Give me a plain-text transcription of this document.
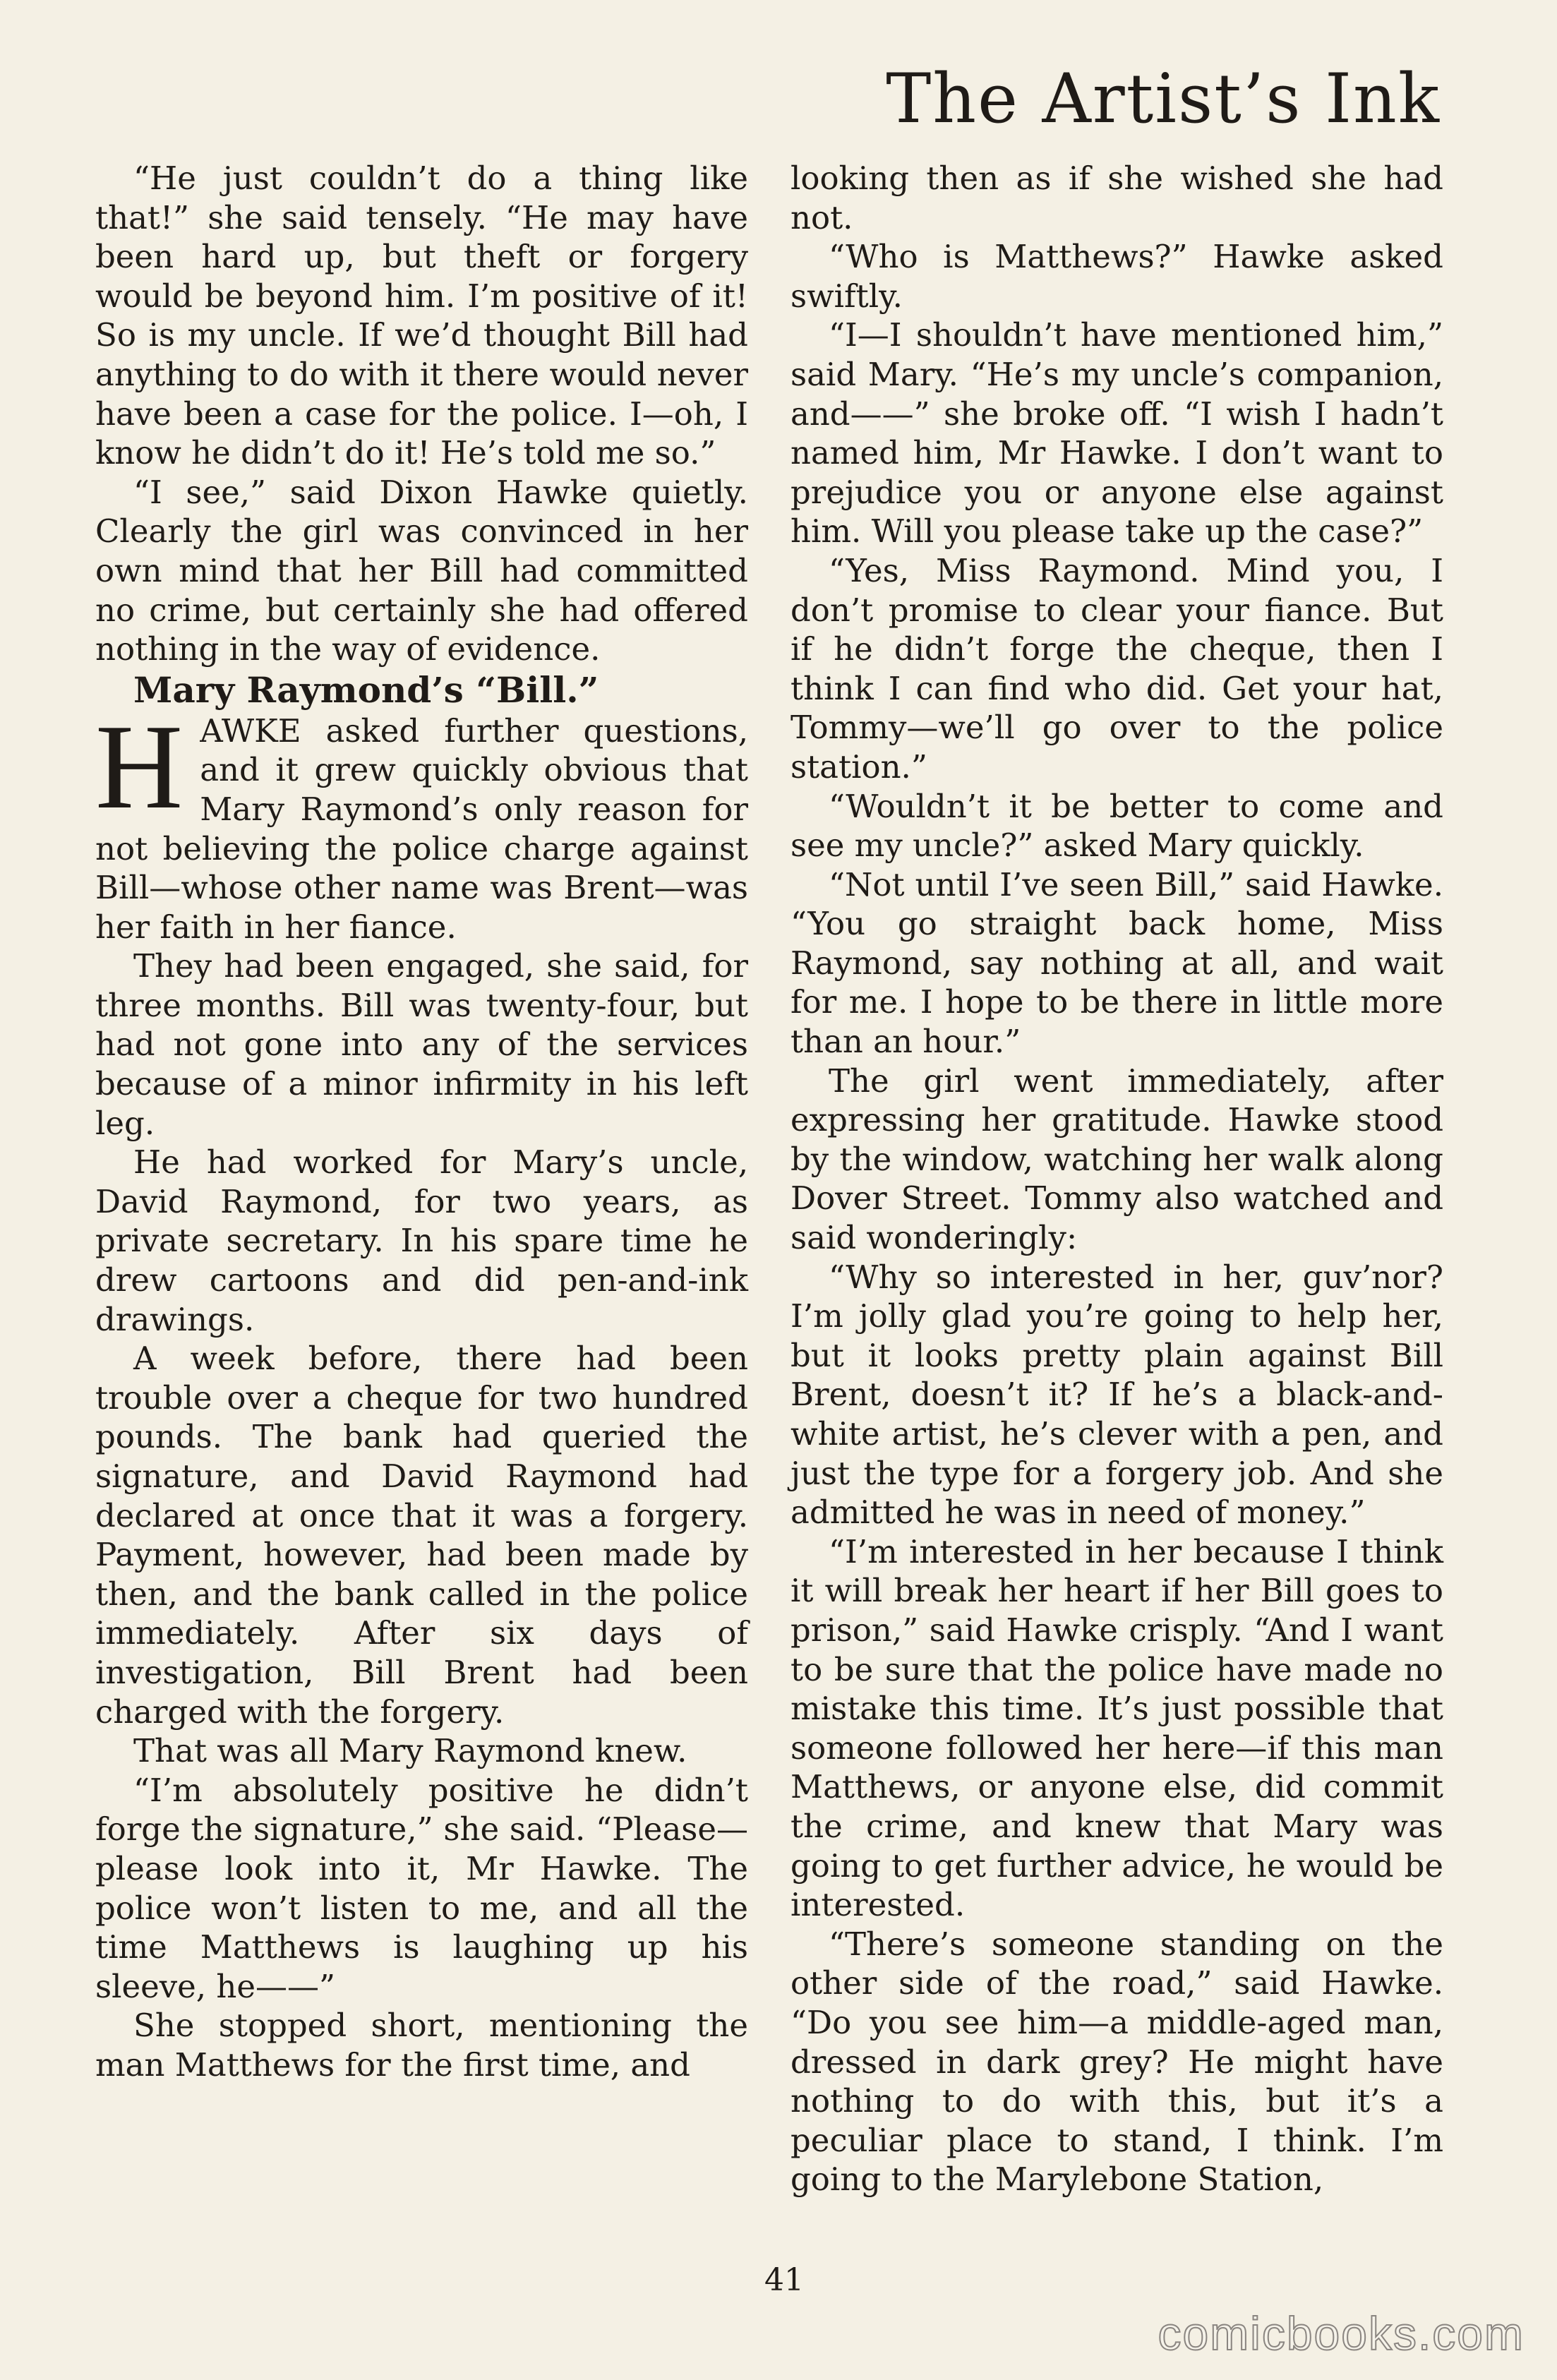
The Artist’s Ink

“He just couldn’t do a thing like that!” she said tensely. “He may have been hard up, but theft or forgery would be beyond him. I’m positive of it! So is my uncle. If we’d thought Bill had anything to do with it there would never have been a case for the police. I—oh, I know he didn’t do it! He’s told me so.”

“I see,” said Dixon Hawke quietly. Clearly the girl was convinced in her own mind that her Bill had committed no crime, but certainly she had offered nothing in the way of evidence.

Mary Raymond’s “Bill.”

HAWKE asked further questions, and it grew quickly obvious that Mary Raymond’s only reason for not believing the police charge against Bill—whose other name was Brent—was her faith in her fiance.

They had been engaged, she said, for three months. Bill was twenty-four, but had not gone into any of the services because of a minor infirmity in his left leg.

He had worked for Mary’s uncle, David Raymond, for two years, as private secretary. In his spare time he drew cartoons and did pen-and-ink drawings.

A week before, there had been trouble over a cheque for two hundred pounds. The bank had queried the signature, and David Raymond had declared at once that it was a forgery. Payment, however, had been made by then, and the bank called in the police immediately. After six days of investigation, Bill Brent had been charged with the forgery.

That was all Mary Raymond knew.

“I’m absolutely positive he didn’t forge the signature,” she said. “Please—please look into it, Mr Hawke. The police won’t listen to me, and all the time Matthews is laughing up his sleeve, he——”

She stopped short, mentioning the man Matthews for the first time, and

looking then as if she wished she had not.

“Who is Matthews?” Hawke asked swiftly.

“I—I shouldn’t have mentioned him,” said Mary. “He’s my uncle’s companion, and——” she broke off. “I wish I hadn’t named him, Mr Hawke. I don’t want to prejudice you or anyone else against him. Will you please take up the case?”

“Yes, Miss Raymond. Mind you, I don’t promise to clear your fiance. But if he didn’t forge the cheque, then I think I can find who did. Get your hat, Tommy—we’ll go over to the police station.”

“Wouldn’t it be better to come and see my uncle?” asked Mary quickly.

“Not until I’ve seen Bill,” said Hawke. “You go straight back home, Miss Raymond, say nothing at all, and wait for me. I hope to be there in little more than an hour.”

The girl went immediately, after expressing her gratitude. Hawke stood by the window, watching her walk along Dover Street. Tommy also watched and said wonderingly:

“Why so interested in her, guv’nor? I’m jolly glad you’re going to help her, but it looks pretty plain against Bill Brent, doesn’t it? If he’s a black-and-white artist, he’s clever with a pen, and just the type for a forgery job. And she admitted he was in need of money.”

“I’m interested in her because I think it will break her heart if her Bill goes to prison,” said Hawke crisply. “And I want to be sure that the police have made no mistake this time. It’s just possible that someone followed her here—if this man Matthews, or anyone else, did commit the crime, and knew that Mary was going to get further advice, he would be interested.

“There’s someone standing on the other side of the road,” said Hawke. “Do you see him—a middle-aged man, dressed in dark grey? He might have nothing to do with this, but it’s a peculiar place to stand, I think. I’m going to the Marylebone Station,

41
comicbooks.com
